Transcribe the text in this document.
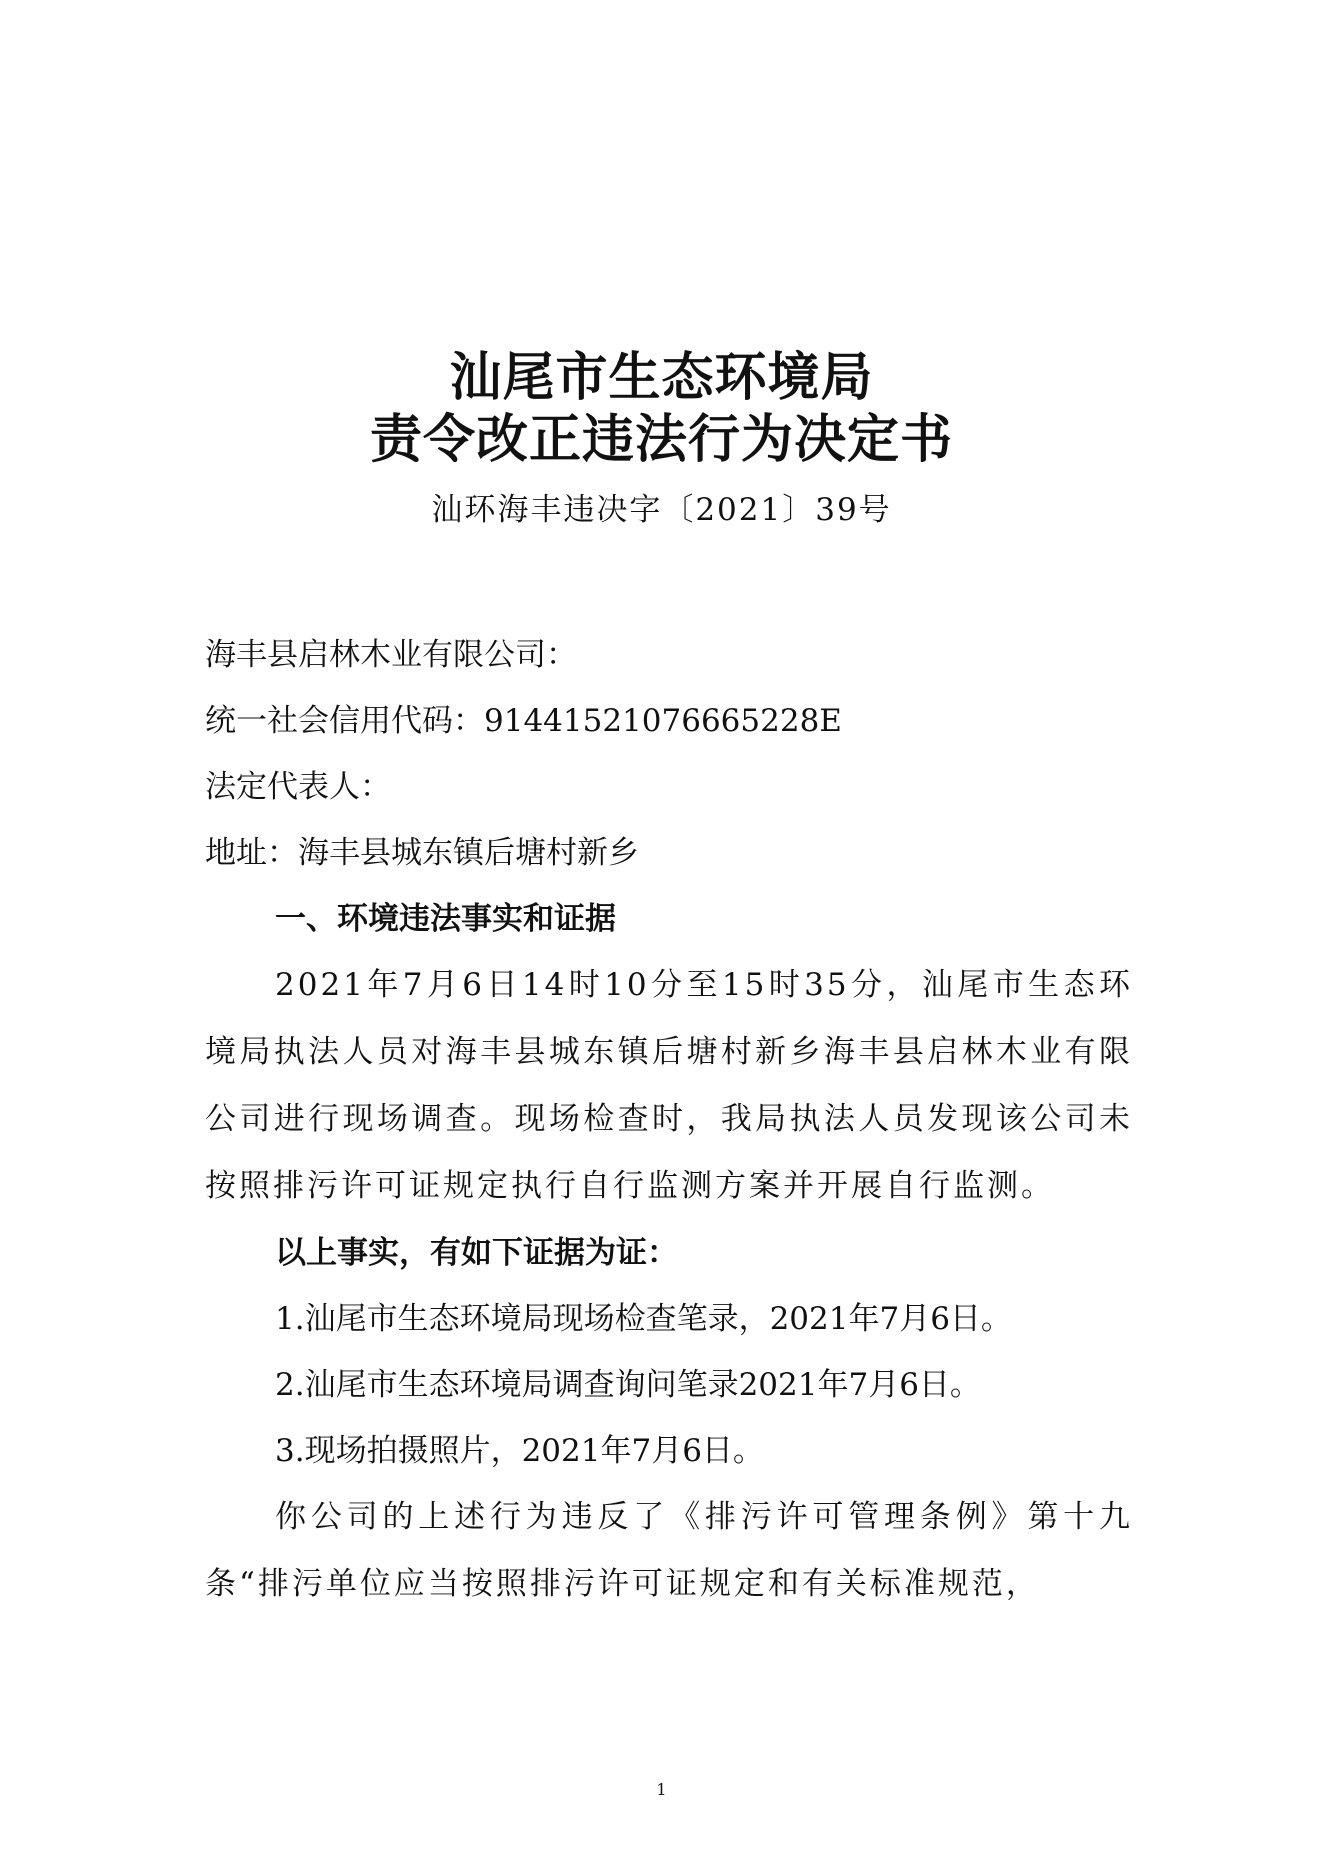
汕尾市生态环境局
责令改正违法行为决定书
汕环海丰违决字〔2021〕39号
海丰县启林木业有限公司：
统一社会信用代码：91441521076665228E
法定代表人：
地址：海丰县城东镇后塘村新乡
一、环境违法事实和证据
2021年7月6日14时10分至15时35分，汕尾市生态环境局执法人员对海丰县城东镇后塘村新乡海丰县启林木业有限公司进行现场调查。现场检查时，我局执法人员发现该公司未按照排污许可证规定执行自行监测方案并开展自行监测。
以上事实，有如下证据为证：
1.汕尾市生态环境局现场检查笔录，2021年7月6日。
2.汕尾市生态环境局调查询问笔录2021年7月6日。
3.现场拍摄照片，2021年7月6日。
你公司的上述行为违反了《排污许可管理条例》第十九条“排污单位应当按照排污许可证规定和有关标准规范，
1
